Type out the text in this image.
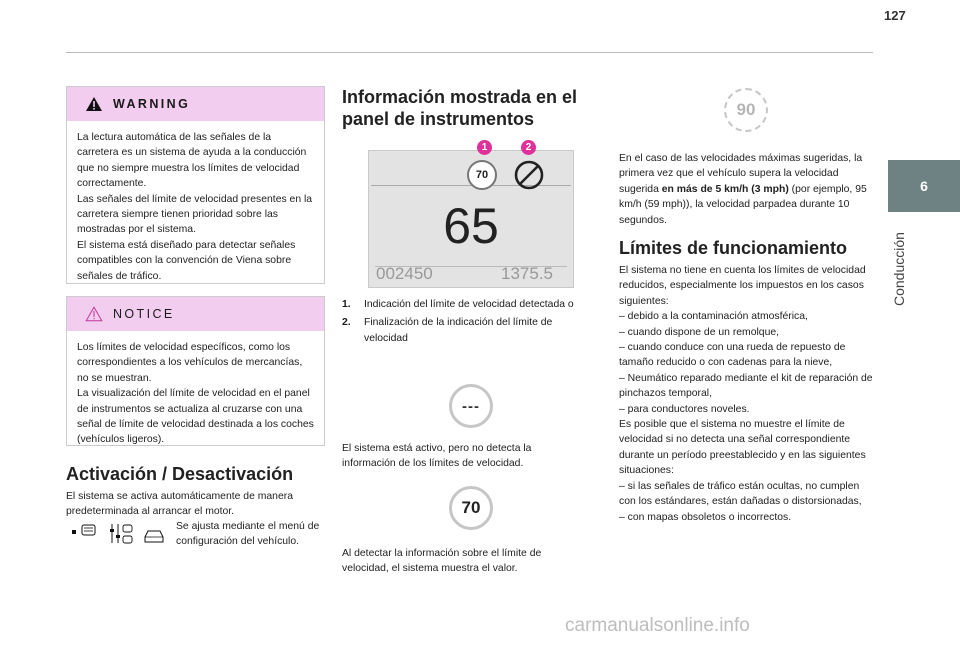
127
6
Conducción
WARNING
La lectura automática de las señales de la carretera es un sistema de ayuda a la conducción que no siempre muestra los límites de velocidad correctamente.
Las señales del límite de velocidad presentes en la carretera siempre tienen prioridad sobre las mostradas por el sistema.
El sistema está diseñado para detectar señales compatibles con la convención de Viena sobre señales de tráfico.
NOTICE
Los límites de velocidad específicos, como los correspondientes a los vehículos de mercancías, no se muestran.
La visualización del límite de velocidad en el panel de instrumentos se actualiza al cruzarse con una señal de límite de velocidad destinada a los coches (vehículos ligeros).
Activación / Desactivación
El sistema se activa automáticamente de manera predeterminada al arrancar el motor.
Se ajusta mediante el menú de configuración del vehículo.
Información mostrada en el panel de instrumentos
70
1	2
65
002450	1375.5
1.	Indicación del límite de velocidad detectada o
2.	Finalización de la indicación del límite de velocidad
---
El sistema está activo, pero no detecta la información de los límites de velocidad.
70
Al detectar la información sobre el límite de velocidad, el sistema muestra el valor.
90
En el caso de las velocidades máximas sugeridas, la primera vez que el vehículo supera la velocidad sugerida en más de 5 km/h (3 mph) (por ejemplo, 95 km/h (59 mph)), la velocidad parpadea durante 10 segundos.
Límites de funcionamiento
El sistema no tiene en cuenta los límites de velocidad reducidos, especialmente los impuestos en los casos siguientes:
– debido a la contaminación atmosférica,
– cuando dispone de un remolque,
– cuando conduce con una rueda de repuesto de tamaño reducido o con cadenas para la nieve,
– Neumático reparado mediante el kit de reparación de pinchazos temporal,
– para conductores noveles.
Es posible que el sistema no muestre el límite de velocidad si no detecta una señal correspondiente durante un período preestablecido y en las siguientes situaciones:
– si las señales de tráfico están ocultas, no cumplen con los estándares, están dañadas o distorsionadas,
– con mapas obsoletos o incorrectos.
carmanualsonline.info
